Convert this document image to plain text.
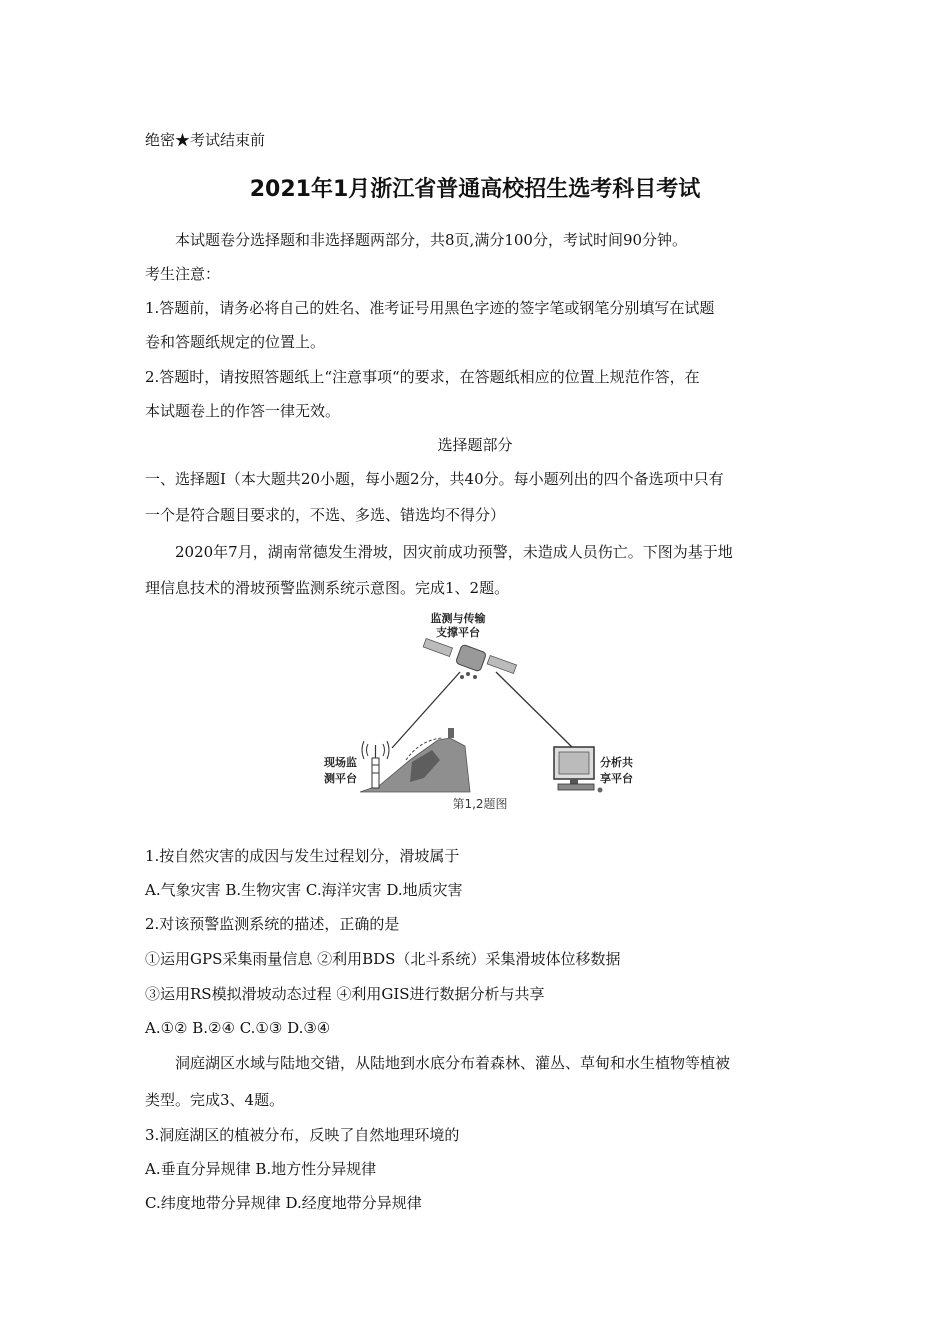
绝密★考试结束前
2021年1月浙江省普通高校招生选考科目考试
本试题卷分选择题和非选择题两部分，共8页,满分100分，考试时间90分钟。
考生注意：
1.答题前，请务必将自己的姓名、准考证号用黑色字迹的签字笔或钢笔分别填写在试题
卷和答题纸规定的位置上。
2.答题时，请按照答题纸上“注意事项“的要求，在答题纸相应的位置上规范作答，在
本试题卷上的作答一律无效。
选择题部分
一、选择题Ⅰ（本大题共20小题，每小题2分，共40分。每小题列出的四个备选项中只有
一个是符合题目要求的，不选、多选、错选均不得分）
2020年7月，湖南常德发生滑坡，因灾前成功预警，未造成人员伤亡。下图为基于地
理信息技术的滑坡预警监测系统示意图。完成1、2题。
监测与传输
支撑平台
现场监
测平台
分析共
享平台
第1,2题图
1.按自然灾害的成因与发生过程划分，滑坡属于
A.气象灾害 B.生物灾害 C.海洋灾害 D.地质灾害
2.对该预警监测系统的描述，正确的是
①运用GPS采集雨量信息 ②利用BDS（北斗系统）采集滑坡体位移数据
③运用RS模拟滑坡动态过程 ④利用GIS进行数据分析与共享
A.①② B.②④ C.①③ D.③④
洞庭湖区水域与陆地交错，从陆地到水底分布着森林、灌丛、草甸和水生植物等植被
类型。完成3、4题。
3.洞庭湖区的植被分布，反映了自然地理环境的
A.垂直分异规律 B.地方性分异规律
C.纬度地带分异规律 D.经度地带分异规律
